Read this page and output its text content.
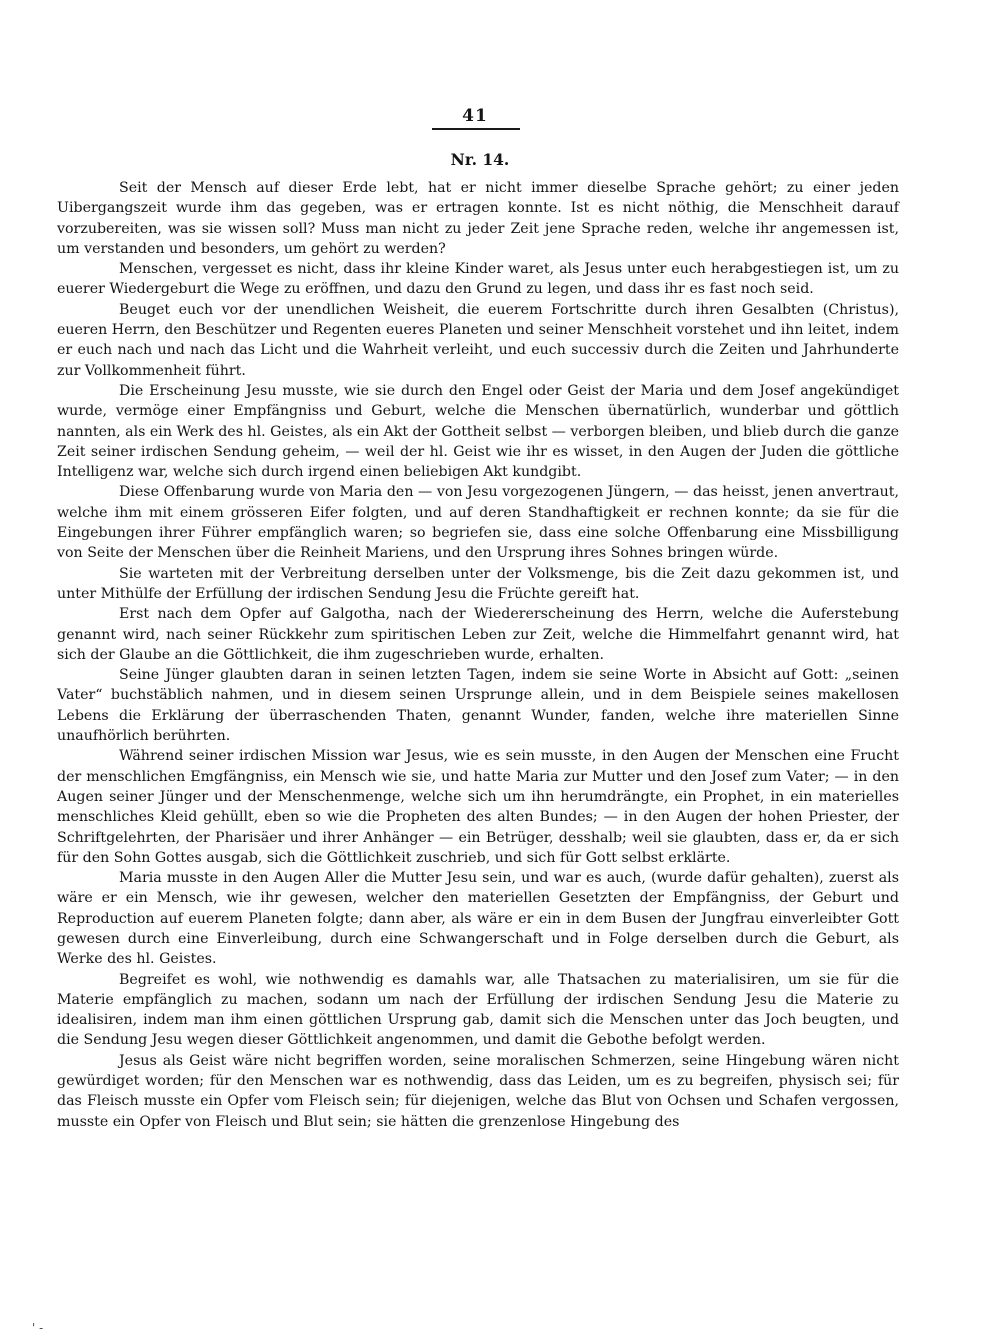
41
Nr. 14.

Seit der Mensch auf dieser Erde lebt, hat er nicht immer dieselbe Sprache gehört; zu einer jeden Uibergangszeit wurde ihm das gegeben, was er ertragen konnte. Ist es nicht nöthig, die Menschheit darauf vorzubereiten, was sie wissen soll? Muss man nicht zu jeder Zeit jene Sprache reden, welche ihr angemessen ist, um verstanden und besonders, um gehört zu werden?

Menschen, vergesset es nicht, dass ihr kleine Kinder waret, als Jesus unter euch herabgestiegen ist, um zu euerer Wiedergeburt die Wege zu eröffnen, und dazu den Grund zu legen, und dass ihr es fast noch seid.

Beuget euch vor der unendlichen Weisheit, die euerem Fortschritte durch ihren Gesalbten (Christus), eueren Herrn, den Beschützer und Regenten eueres Planeten und seiner Menschheit vorstehet und ihn leitet, indem er euch nach und nach das Licht und die Wahrheit verleiht, und euch successiv durch die Zeiten und Jahrhunderte zur Vollkommenheit führt.

Die Erscheinung Jesu musste, wie sie durch den Engel oder Geist der Maria und dem Josef angekündiget wurde, vermöge einer Empfängniss und Geburt, welche die Menschen übernatürlich, wunderbar und göttlich nannten, als ein Werk des hl. Geistes, als ein Akt der Gottheit selbst — verborgen bleiben, und blieb durch die ganze Zeit seiner irdischen Sendung geheim, — weil der hl. Geist wie ihr es wisset, in den Augen der Juden die göttliche Intelligenz war, welche sich durch irgend einen beliebigen Akt kundgibt.

Diese Offenbarung wurde von Maria den — von Jesu vorgezogenen Jüngern, — das heisst, jenen anvertraut, welche ihm mit einem grösseren Eifer folgten, und auf deren Standhaftigkeit er rechnen konnte; da sie für die Eingebungen ihrer Führer empfänglich waren; so begriefen sie, dass eine solche Offenbarung eine Missbilligung von Seite der Menschen über die Reinheit Mariens, und den Ursprung ihres Sohnes bringen würde.

Sie warteten mit der Verbreitung derselben unter der Volksmenge, bis die Zeit dazu gekommen ist, und unter Mithülfe der Erfüllung der irdischen Sendung Jesu die Früchte gereift hat.

Erst nach dem Opfer auf Galgotha, nach der Wiedererscheinung des Herrn, welche die Auferstebung genannt wird, nach seiner Rückkehr zum spiritischen Leben zur Zeit, welche die Himmelfahrt genannt wird, hat sich der Glaube an die Göttlichkeit, die ihm zugeschrieben wurde, erhalten.

Seine Jünger glaubten daran in seinen letzten Tagen, indem sie seine Worte in Absicht auf Gott: „seinen Vater“ buchstäblich nahmen, und in diesem seinen Ursprunge allein, und in dem Beispiele seines makellosen Lebens die Erklärung der überraschenden Thaten, genannt Wunder, fanden, welche ihre materiellen Sinne unaufhörlich berührten.

Während seiner irdischen Mission war Jesus, wie es sein musste, in den Augen der Menschen eine Frucht der menschlichen Emgfängniss, ein Mensch wie sie, und hatte Maria zur Mutter und den Josef zum Vater; — in den Augen seiner Jünger und der Menschenmenge, welche sich um ihn herumdrängte, ein Prophet, in ein materielles menschliches Kleid gehüllt, eben so wie die Propheten des alten Bundes; — in den Augen der hohen Priester, der Schriftgelehrten, der Pharisäer und ihrer Anhänger — ein Betrüger, desshalb; weil sie glaubten, dass er, da er sich für den Sohn Gottes ausgab, sich die Göttlichkeit zuschrieb, und sich für Gott selbst erklärte.

Maria musste in den Augen Aller die Mutter Jesu sein, und war es auch, (wurde dafür gehalten), zuerst als wäre er ein Mensch, wie ihr gewesen, welcher den materiellen Gesetzten der Empfängniss, der Geburt und Reproduction auf euerem Planeten folgte; dann aber, als wäre er ein in dem Busen der Jungfrau einverleibter Gott gewesen durch eine Einverleibung, durch eine Schwangerschaft und in Folge derselben durch die Geburt, als Werke des hl. Geistes.

Begreifet es wohl, wie nothwendig es damahls war, alle Thatsachen zu materialisiren, um sie für die Materie empfänglich zu machen, sodann um nach der Erfüllung der irdischen Sendung Jesu die Materie zu idealisiren, indem man ihm einen göttlichen Ursprung gab, damit sich die Menschen unter das Joch beugten, und die Sendung Jesu wegen dieser Göttlichkeit angenommen, und damit die Gebothe befolgt werden.

Jesus als Geist wäre nicht begriffen worden, seine moralischen Schmerzen, seine Hingebung wären nicht gewürdiget worden; für den Menschen war es nothwendig, dass das Leiden, um es zu begreifen, physisch sei; für das Fleisch musste ein Opfer vom Fleisch sein; für diejenigen, welche das Blut von Ochsen und Schafen vergossen, musste ein Opfer von Fleisch und Blut sein; sie hätten die grenzenlose Hingebung des

' -
